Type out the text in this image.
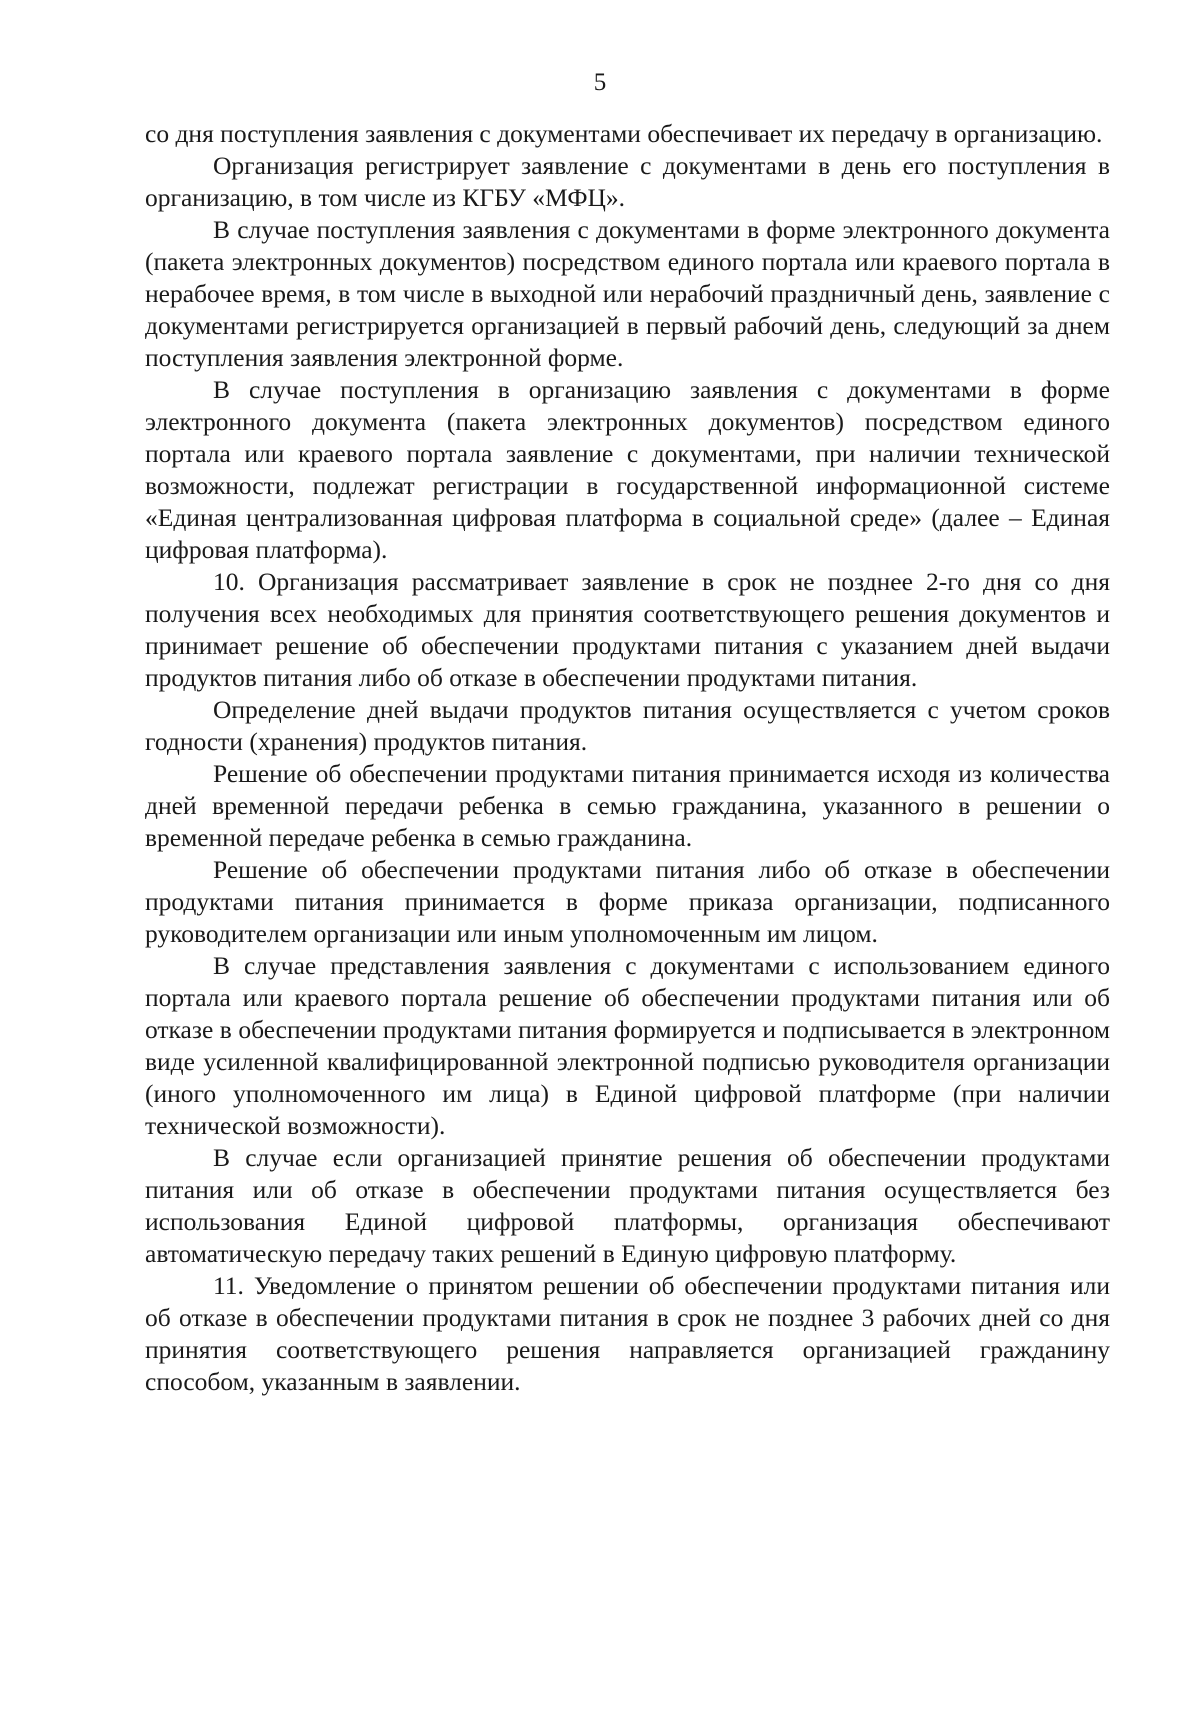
5

со дня поступления заявления с документами обеспечивает их передачу в организацию.

Организация регистрирует заявление с документами в день его поступления в организацию, в том числе из КГБУ «МФЦ».

В случае поступления заявления с документами в форме электронного документа (пакета электронных документов) посредством единого портала или краевого портала в нерабочее время, в том числе в выходной или нерабочий праздничный день, заявление с документами регистрируется организацией в первый рабочий день, следующий за днем поступления заявления электронной форме.

В случае поступления в организацию заявления с документами в форме электронного документа (пакета электронных документов) посредством единого портала или краевого портала заявление с документами, при наличии технической возможности, подлежат регистрации в государственной информационной системе «Единая централизованная цифровая платформа в социальной среде» (далее – Единая цифровая платформа).

10. Организация рассматривает заявление в срок не позднее 2-го дня со дня получения всех необходимых для принятия соответствующего решения документов и принимает решение об обеспечении продуктами питания с указанием дней выдачи продуктов питания либо об отказе в обеспечении продуктами питания.

Определение дней выдачи продуктов питания осуществляется с учетом сроков годности (хранения) продуктов питания.

Решение об обеспечении продуктами питания принимается исходя из количества дней временной передачи ребенка в семью гражданина, указанного в решении о временной передаче ребенка в семью гражданина.

Решение об обеспечении продуктами питания либо об отказе в обеспечении продуктами питания принимается в форме приказа организации, подписанного руководителем организации или иным уполномоченным им лицом.

В случае представления заявления с документами с использованием единого портала или краевого портала решение об обеспечении продуктами питания или об отказе в обеспечении продуктами питания формируется и подписывается в электронном виде усиленной квалифицированной электронной подписью руководителя организации (иного уполномоченного им лица) в Единой цифровой платформе (при наличии технической возможности).

В случае если организацией принятие решения об обеспечении продуктами питания или об отказе в обеспечении продуктами питания осуществляется без использования Единой цифровой платформы, организация обеспечивают автоматическую передачу таких решений в Единую цифровую платформу.

11. Уведомление о принятом решении об обеспечении продуктами питания или об отказе в обеспечении продуктами питания в срок не позднее 3 рабочих дней со дня принятия соответствующего решения направляется организацией гражданину способом, указанным в заявлении.
